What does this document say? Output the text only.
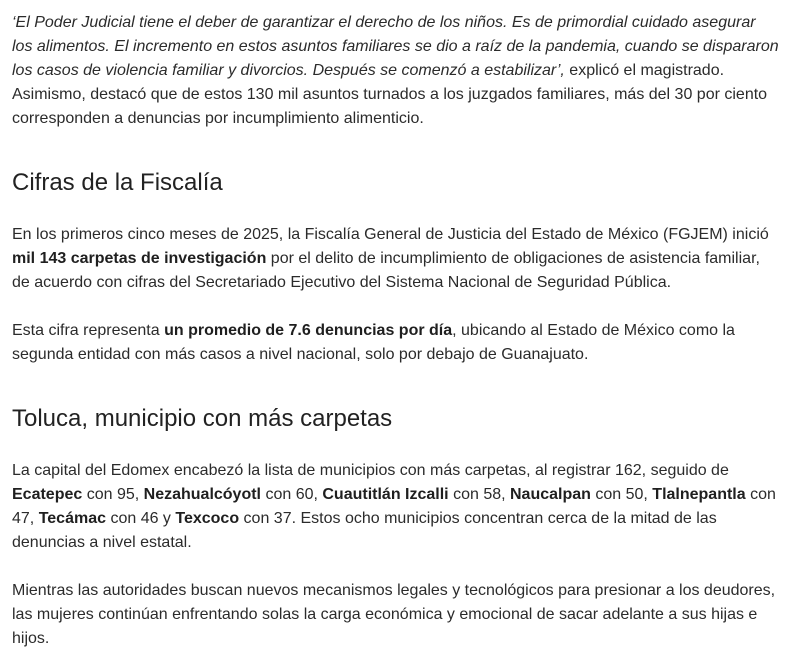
‘El Poder Judicial tiene el deber de garantizar el derecho de los niños. Es de primordial cuidado asegurar los alimentos. El incremento en estos asuntos familiares se dio a raíz de la pandemia, cuando se dispararon los casos de violencia familiar y divorcios. Después se comenzó a estabilizar’, explicó el magistrado. Asimismo, destacó que de estos 130 mil asuntos turnados a los juzgados familiares, más del 30 por ciento corresponden a denuncias por incumplimiento alimenticio.

Cifras de la Fiscalía

En los primeros cinco meses de 2025, la Fiscalía General de Justicia del Estado de México (FGJEM) inició mil 143 carpetas de investigación por el delito de incumplimiento de obligaciones de asistencia familiar, de acuerdo con cifras del Secretariado Ejecutivo del Sistema Nacional de Seguridad Pública.

Esta cifra representa un promedio de 7.6 denuncias por día, ubicando al Estado de México como la segunda entidad con más casos a nivel nacional, solo por debajo de Guanajuato.

Toluca, municipio con más carpetas

La capital del Edomex encabezó la lista de municipios con más carpetas, al registrar 162, seguido de Ecatepec con 95, Nezahualcóyotl con 60, Cuautitlán Izcalli con 58, Naucalpan con 50, Tlalnepantla con 47, Tecámac con 46 y Texcoco con 37. Estos ocho municipios concentran cerca de la mitad de las denuncias a nivel estatal.

Mientras las autoridades buscan nuevos mecanismos legales y tecnológicos para presionar a los deudores, las mujeres continúan enfrentando solas la carga económica y emocional de sacar adelante a sus hijas e hijos.
